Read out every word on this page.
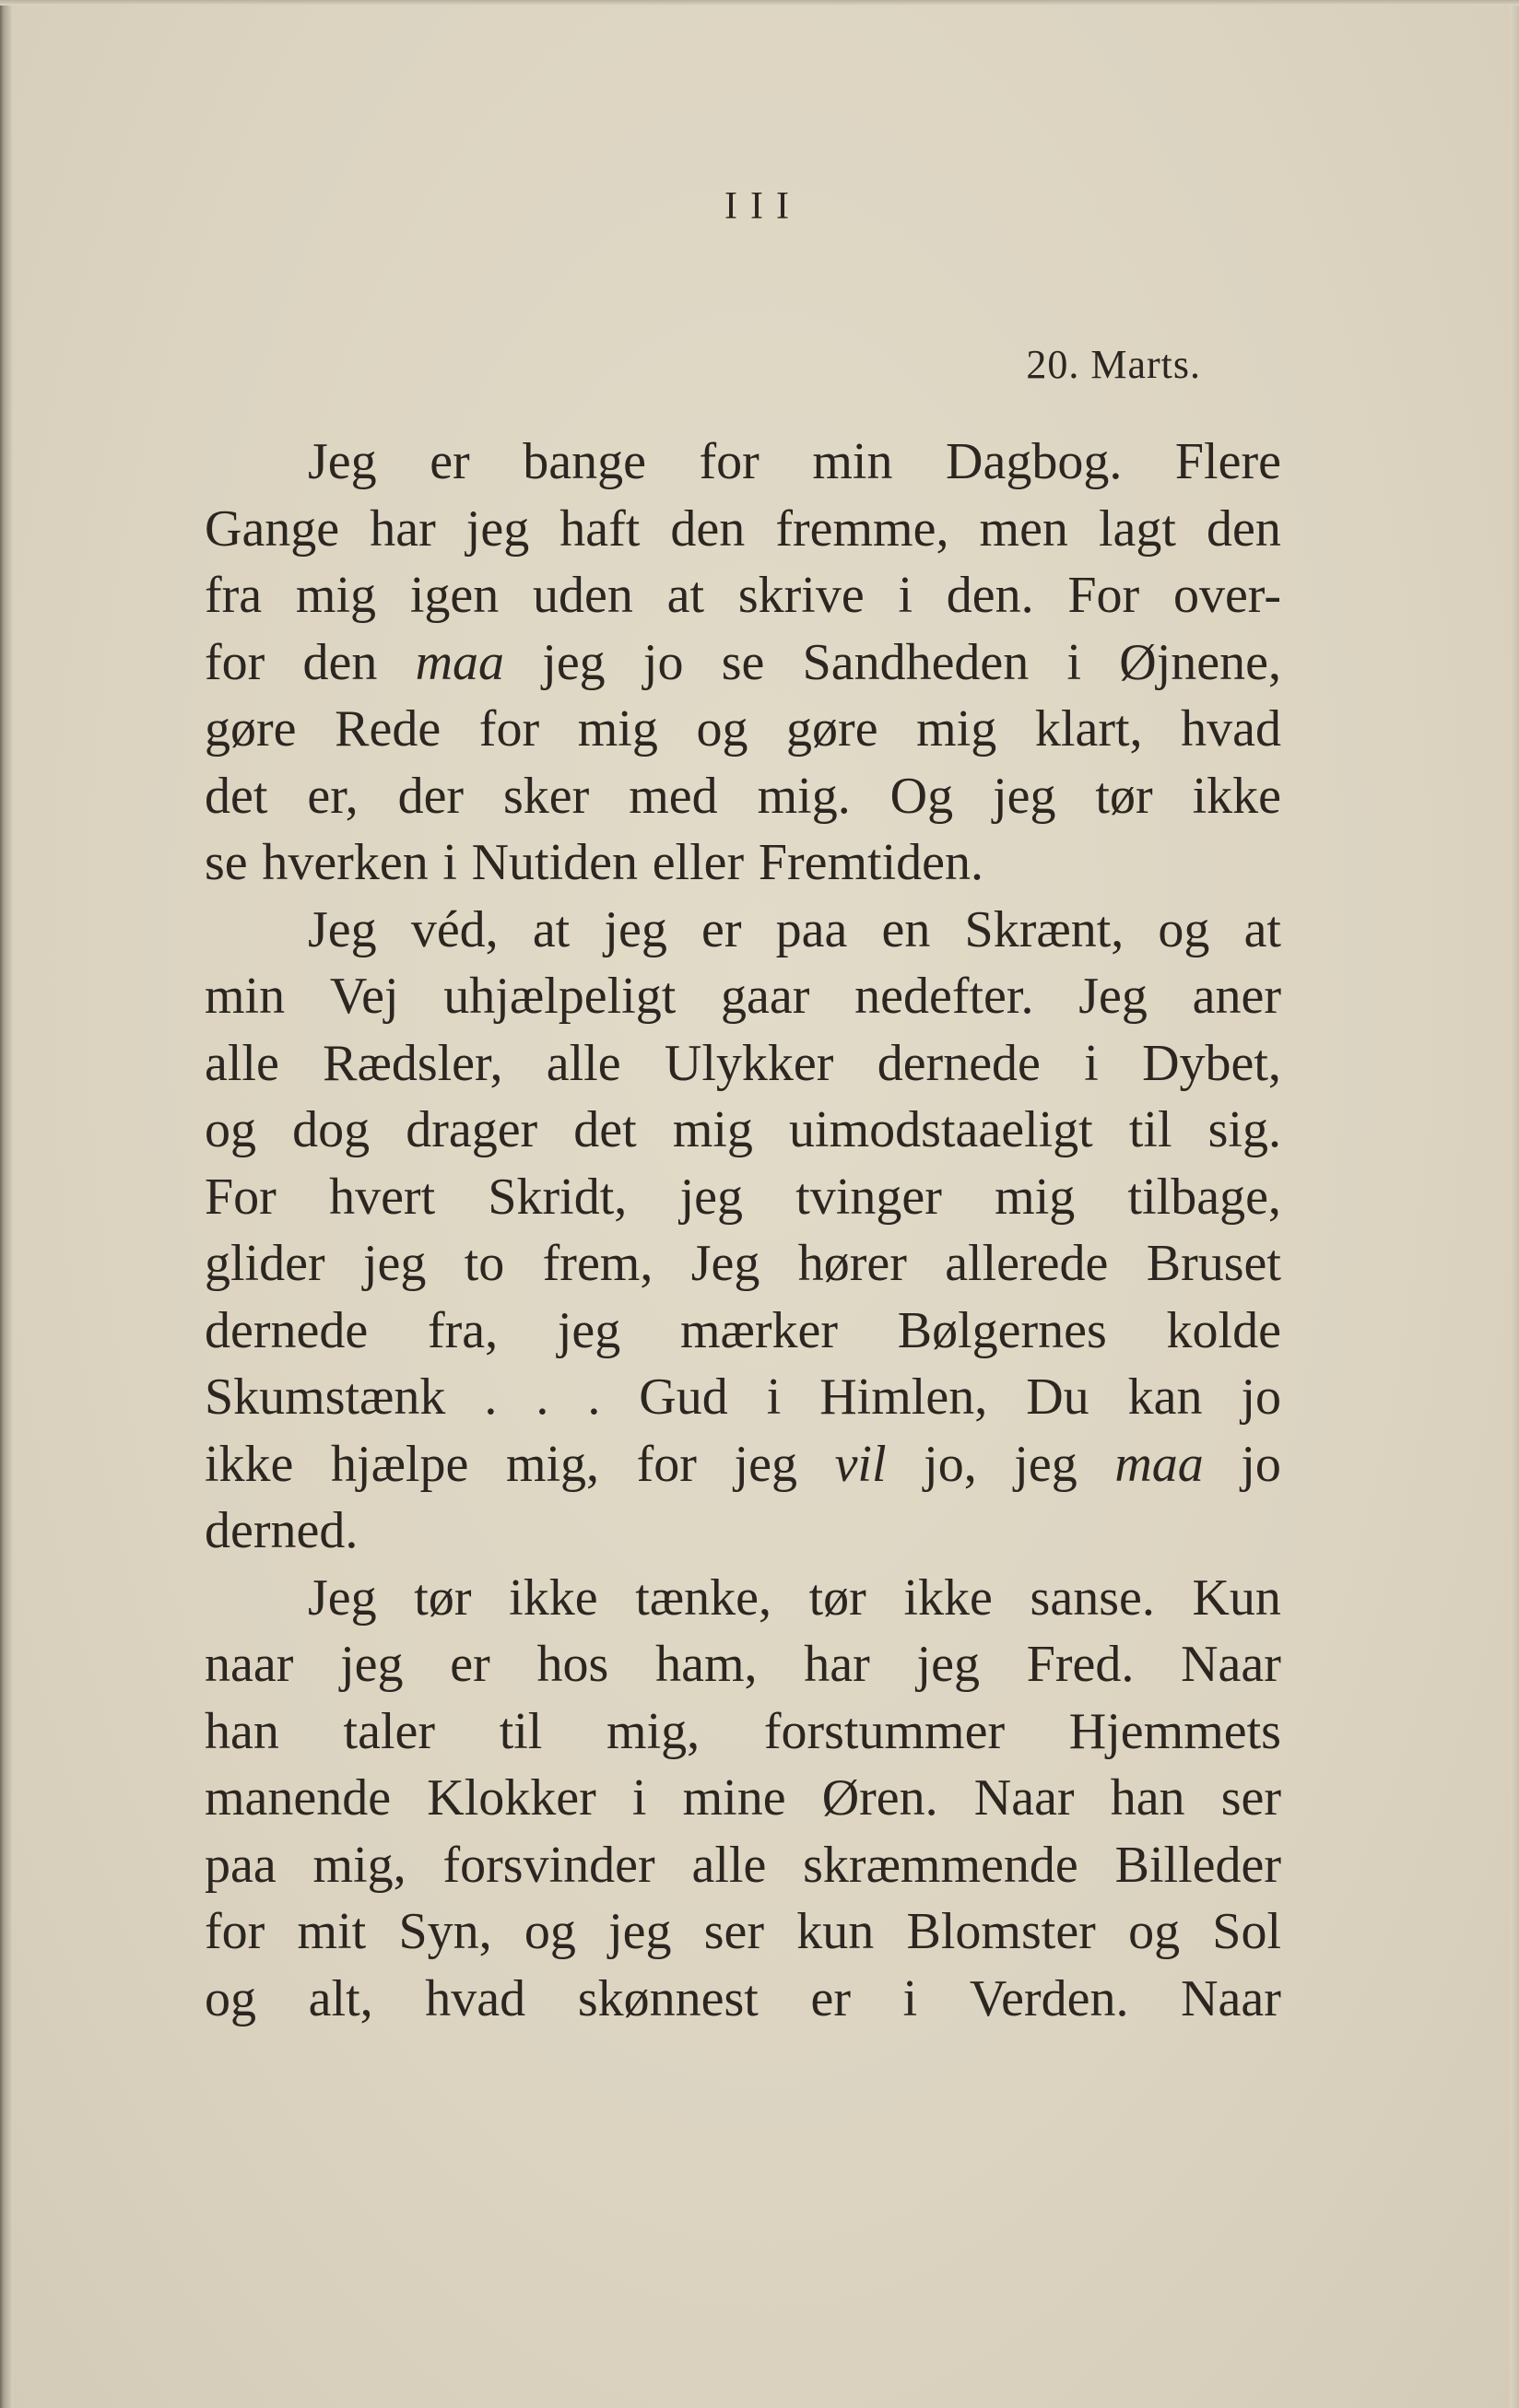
III
20. Marts.
Jeg er bange for min Dagbog. Flere
Gange har jeg haft den fremme, men lagt den
fra mig igen uden at skrive i den. For over-
for den maa jeg jo se Sandheden i Øjnene,
gøre Rede for mig og gøre mig klart, hvad
det er, der sker med mig. Og jeg tør ikke
se hverken i Nutiden eller Fremtiden.
Jeg véd, at jeg er paa en Skrænt, og at
min Vej uhjælpeligt gaar nedefter. Jeg aner
alle Rædsler, alle Ulykker dernede i Dybet,
og dog drager det mig uimodstaaeligt til sig.
For hvert Skridt, jeg tvinger mig tilbage,
glider jeg to frem, Jeg hører allerede Bruset
dernede fra, jeg mærker Bølgernes kolde
Skumstænk . . . Gud i Himlen, Du kan jo
ikke hjælpe mig, for jeg vil jo, jeg maa jo
derned.
Jeg tør ikke tænke, tør ikke sanse. Kun
naar jeg er hos ham, har jeg Fred. Naar
han taler til mig, forstummer Hjemmets
manende Klokker i mine Øren. Naar han ser
paa mig, forsvinder alle skræmmende Billeder
for mit Syn, og jeg ser kun Blomster og Sol
og alt, hvad skønnest er i Verden. Naar
